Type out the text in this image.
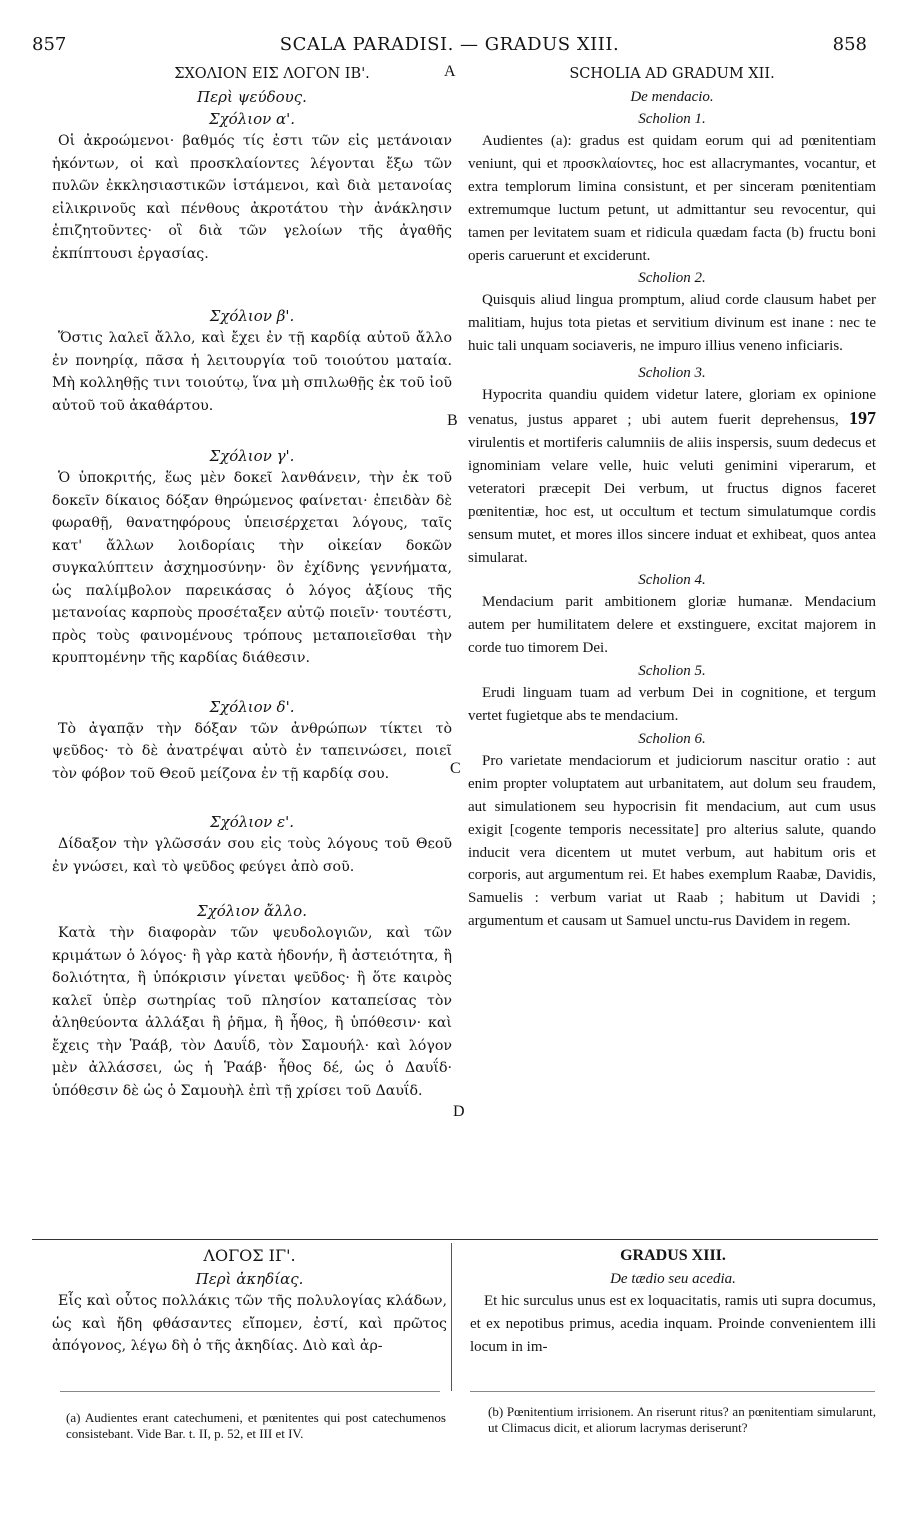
857	SCALA PARADISI. — GRADUS XIII.	858
ΣΧΟΛΙΟΝ ΕΙΣ ΛΟΓΟΝ ΙΒ'.
Περὶ ψεύδους.
Σχόλιον α'.

Οἱ ἀκροώμενοι· βαθμός τίς ἐστι τῶν εἰς μετάνοιαν ἡκόντων, οἱ καὶ προσκλαίοντες λέγονται ἔξω τῶν πυλῶν ἐκκλησιαστικῶν ἱστάμενοι, καὶ διὰ μετανοίας εἰλικρινοῦς καὶ πένθους ἀκροτάτου τὴν ἀνάκλησιν ἐπιζητοῦντες· οἳ διὰ τῶν γελοίων τῆς ἀγαθῆς ἐκπίπτουσι ἐργασίας.

Σχόλιον β'.

Ὅστις λαλεῖ ἄλλο, καὶ ἔχει ἐν τῇ καρδίᾳ αὐτοῦ ἄλλο ἐν πονηρίᾳ, πᾶσα ἡ λειτουργία τοῦ τοιούτου ματαία. Μὴ κολληθῇς τινι τοιούτῳ, ἵνα μὴ σπιλωθῇς ἐκ τοῦ ἰοῦ αὐτοῦ τοῦ ἀκαθάρτου.

Σχόλιον γ'.

Ὁ ὑποκριτής, ἕως μὲν δοκεῖ λανθάνειν, τὴν ἐκ τοῦ δοκεῖν δίκαιος δόξαν θηρώμενος φαίνεται· ἐπειδὰν δὲ φωραθῇ, θανατηφόρους ὑπεισέρχεται λόγους, ταῖς κατ' ἄλλων λοιδορίαις τὴν οἰκείαν δοκῶν συγκαλύπτειν ἀσχημοσύνην· ὃν ἐχίδνης γεννήματα, ὡς παλίμβολον παρεικάσας ὁ λόγος ἀξίους τῆς μετανοίας καρποὺς προσέταξεν αὐτῷ ποιεῖν· τουτέστι, πρὸς τοὺς φαινομένους τρόπους μεταποιεῖσθαι τὴν κρυπτομένην τῆς καρδίας διάθεσιν.

Σχόλιον δ'.

Τὸ ἀγαπᾷν τὴν δόξαν τῶν ἀνθρώπων τίκτει τὸ ψεῦδος· τὸ δὲ ἀνατρέψαι αὐτὸ ἐν ταπεινώσει, ποιεῖ τὸν φόβον τοῦ Θεοῦ μείζονα ἐν τῇ καρδίᾳ σου.

Σχόλιον ε'.

Δίδαξον τὴν γλῶσσάν σου εἰς τοὺς λόγους τοῦ Θεοῦ ἐν γνώσει, καὶ τὸ ψεῦδος φεύγει ἀπὸ σοῦ.

Σχόλιον ἄλλο.

Κατὰ τὴν διαφορὰν τῶν ψευδολογιῶν, καὶ τῶν κριμάτων ὁ λόγος· ἢ γὰρ κατὰ ἡδονήν, ἢ ἀστειότητα, ἢ δολιότητα, ἢ ὑπόκρισιν γίνεται ψεῦδος· ἢ ὅτε καιρὸς καλεῖ ὑπὲρ σωτηρίας τοῦ πλησίον καταπείσας τὸν ἀληθεύοντα ἀλλάξαι ἢ ῥῆμα, ἢ ἦθος, ἢ ὑπόθεσιν· καὶ ἔχεις τὴν Ῥαάβ, τὸν Δαυΐδ, τὸν Σαμουήλ· καὶ λόγον μὲν ἀλλάσσει, ὡς ἡ Ῥαάβ· ἦθος δέ, ὡς ὁ Δαυΐδ· ὑπόθεσιν δὲ ὡς ὁ Σαμουὴλ ἐπὶ τῇ χρίσει τοῦ Δαυΐδ.

SCHOLIA AD GRADUM XII.
De mendacio.
Scholion 1.

Audientes (a): gradus est quidam eorum qui ad pœnitentiam veniunt, qui et προσκλαίοντες, hoc est allacrymantes, vocantur, et extra templorum limina consistunt, et per sinceram pœnitentiam extremumque luctum petunt, ut admittantur seu revocentur, qui tamen per levitatem suam et ridicula quædam facta (b) fructu boni operis caruerunt et exciderunt.

Scholion 2.

Quisquis aliud lingua promptum, aliud corde clausum habet per malitiam, hujus tota pietas et servitium divinum est inane : nec te huic tali unquam sociaveris, ne impuro illius veneno inficiaris.

Scholion 3.

Hypocrita quandiu quidem videtur latere, gloriam ex opinione venatus, justus apparet ; ubi autem fuerit deprehensus, 197 virulentis et mortiferis calumniis de aliis inspersis, suum dedecus et ignominiam velare velle, huic veluti genimini viperarum, et veteratori præcepit Dei verbum, ut fructus dignos faceret pœnitentiæ, hoc est, ut occultum et tectum simulatumque cordis sensum mutet, et mores illos sincere induat et exhibeat, quos antea simularat.

Scholion 4.

Mendacium parit ambitionem gloriæ humanæ. Mendacium autem per humilitatem delere et exstinguere, excitat majorem in corde tuo timorem Dei.

Scholion 5.

Erudi linguam tuam ad verbum Dei in cognitione, et tergum vertet fugietque abs te mendacium.

Scholion 6.

Pro varietate mendaciorum et judiciorum nascitur oratio : aut enim propter voluptatem aut urbanitatem, aut dolum seu fraudem, aut simulationem seu hypocrisin fit mendacium, aut cum usus exigit [cogente temporis necessitate] pro alterius salute, quando inducit vera dicentem ut mutet verbum, aut habitum oris et corporis, aut argumentum rei. Et habes exemplum Raabæ, Davidis, Samuelis : verbum variat ut Raab ; habitum ut Davidi ; argumentum et causam ut Samuel unctu-rus Davidem in regem.

A
B
C
D
ΛΟΓΟΣ ΙΓ'.
Περὶ ἀκηδίας.

Εἷς καὶ οὗτος πολλάκις τῶν τῆς πολυλογίας κλάδων, ὡς καὶ ἤδη φθάσαντες εἴπομεν, ἐστί, καὶ πρῶτος ἀπόγονος, λέγω δὴ ὁ τῆς ἀκηδίας. Διὸ καὶ ἀρ-

GRADUS XIII.
De tædio seu acedia.

Et hic surculus unus est ex loquacitatis, ramis uti supra documus, et ex nepotibus primus, acedia inquam. Proinde convenientem illi locum in im-

(a) Audientes erant catechumeni, et pœnitentes qui post catechumenos consistebant. Vide Bar. t. II, p. 52, et III et IV.
(b) Pœnitentium irrisionem. An riserunt ritus? an pœnitentiam simularunt, ut Climacus dicit, et aliorum lacrymas deriserunt?
